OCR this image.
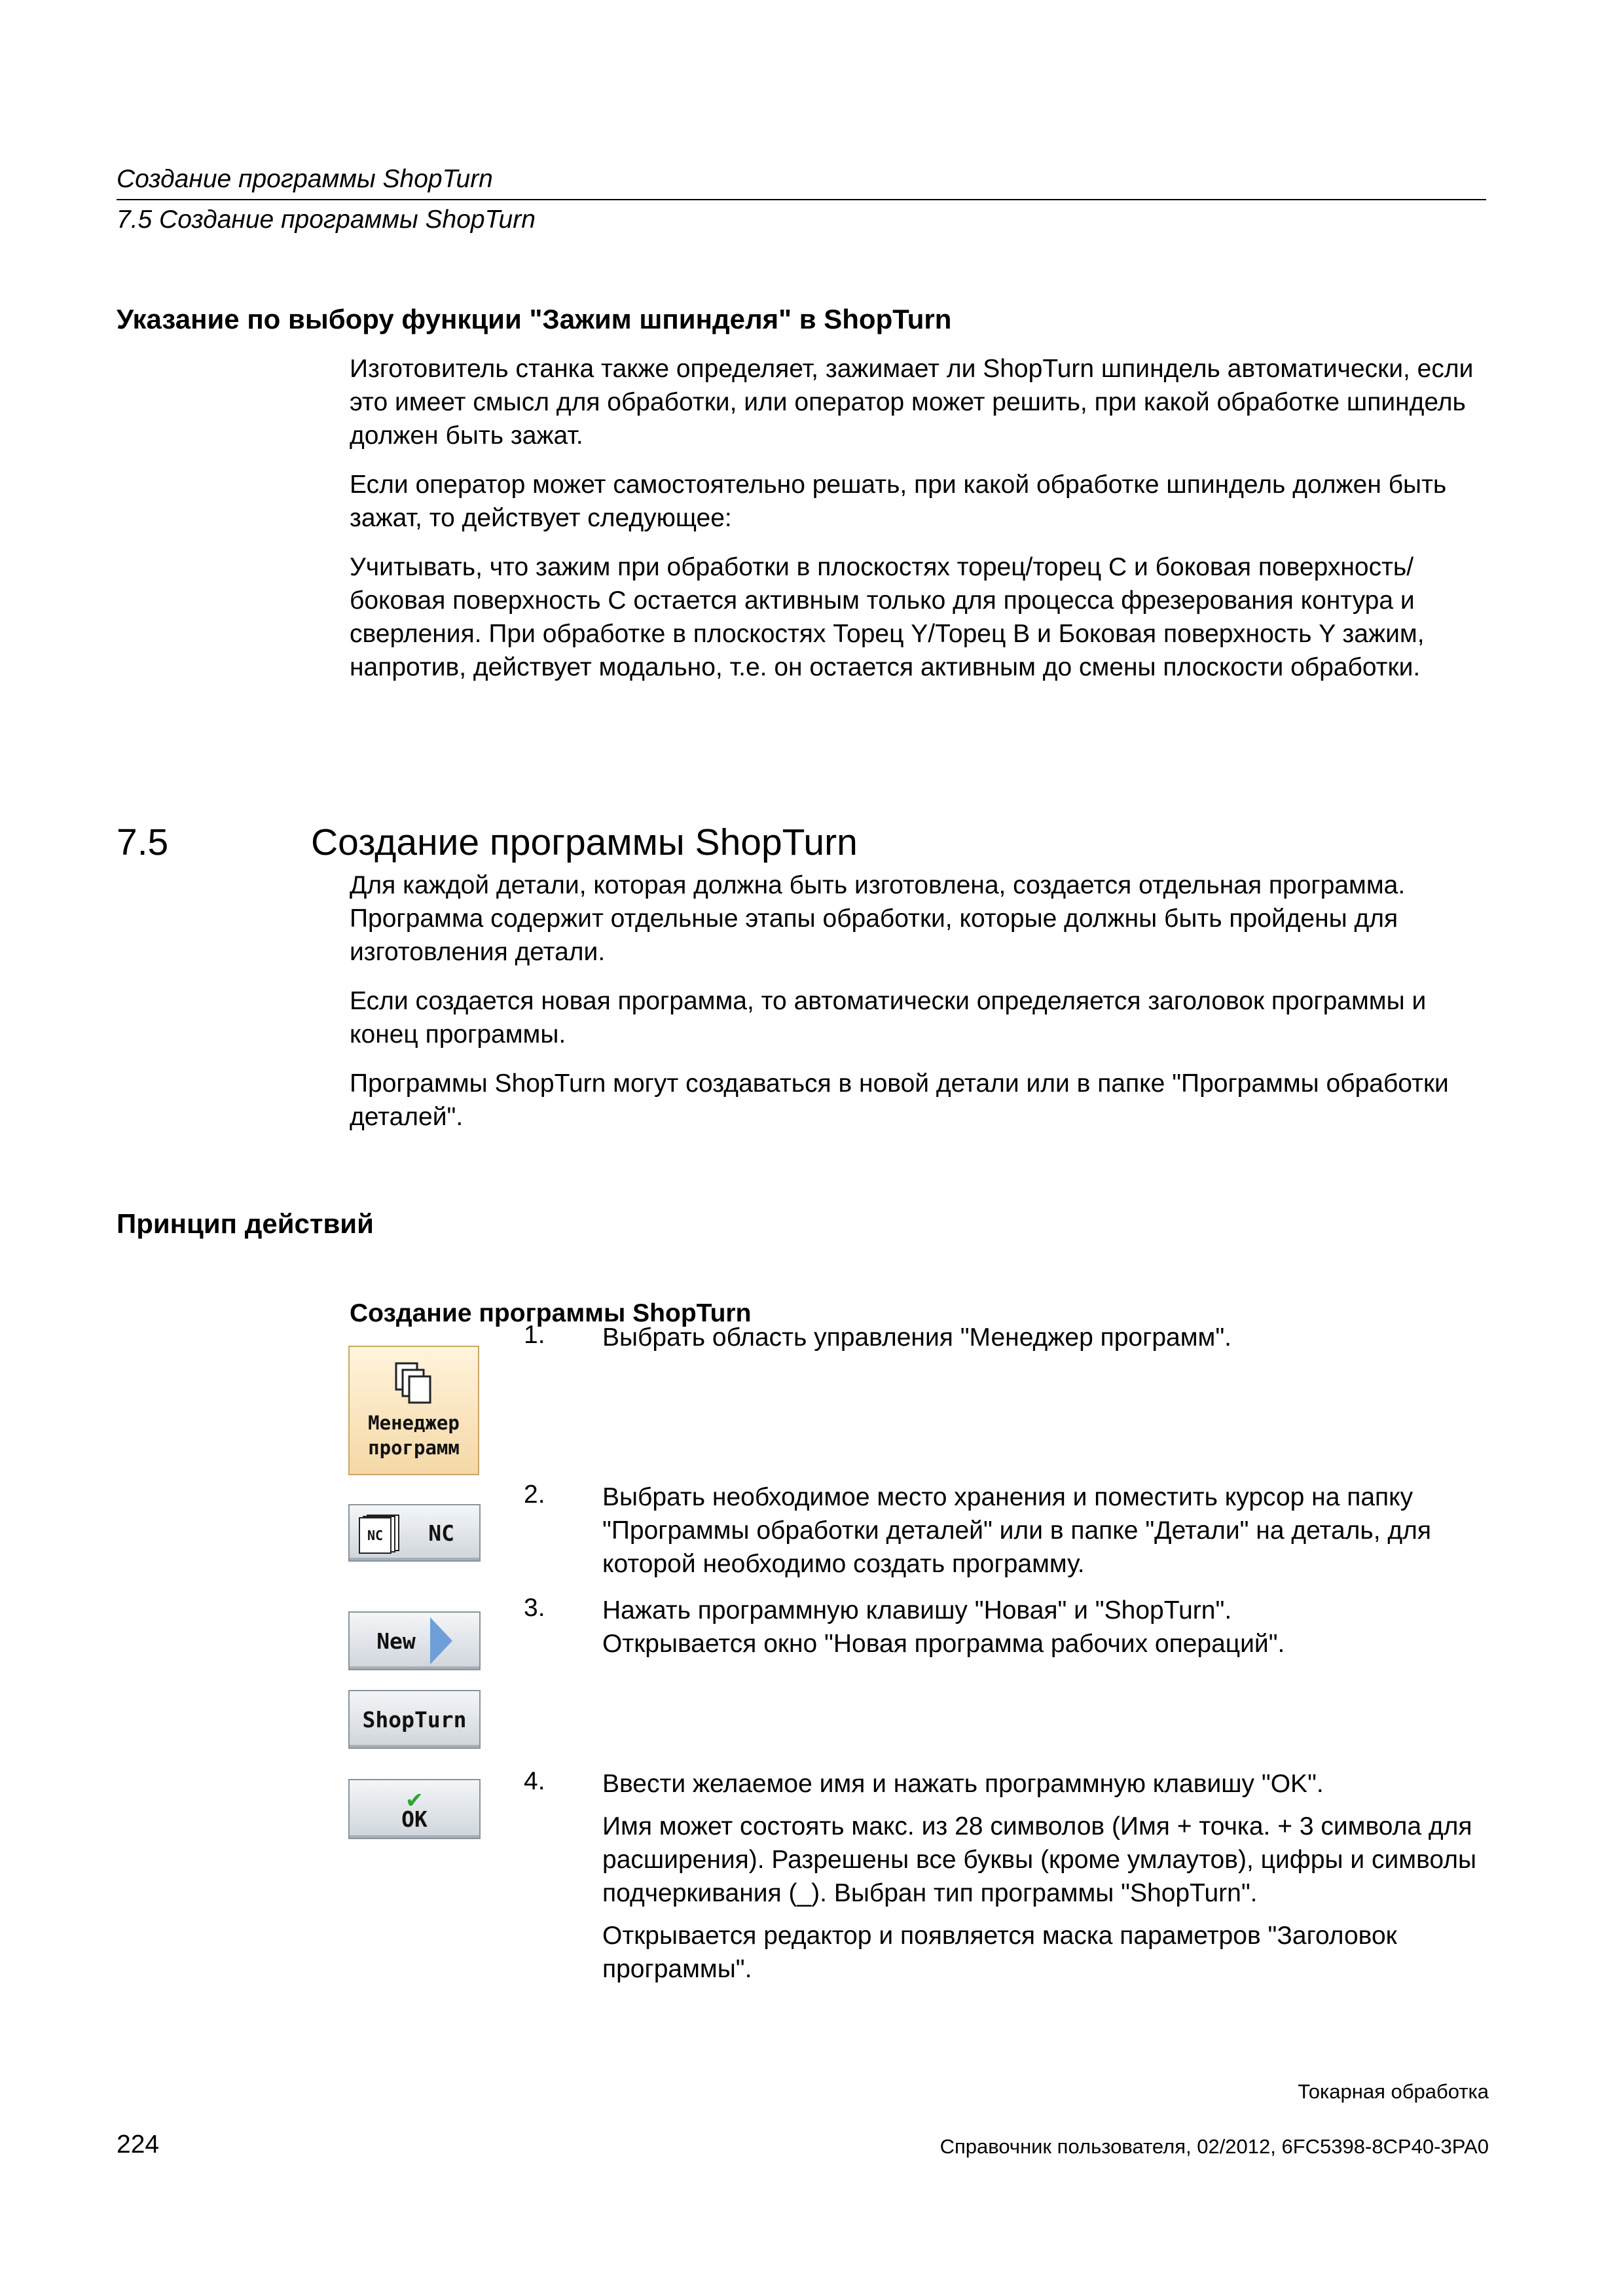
Создание программы ShopTurn
7.5 Создание программы ShopTurn
Указание по выбору функции "Зажим шпинделя" в ShopTurn

Изготовитель станка также определяет, зажимает ли ShopTurn шпиндель автоматически, если это имеет смысл для обработки, или оператор может решить, при какой обработке шпиндель должен быть зажат.

Если оператор может самостоятельно решать, при какой обработке шпиндель должен быть зажат, то действует следующее:

Учитывать, что зажим при обработки в плоскостях торец/торец C и боковая поверхность/боковая поверхность C остается активным только для процесса фрезерования контура и сверления. При обработке в плоскостях Торец Y/Торец B и Боковая поверхность Y зажим, напротив, действует модально, т.е. он остается активным до смены плоскости обработки.

7.5	Создание программы ShopTurn

Для каждой детали, которая должна быть изготовлена, создается отдельная программа. Программа содержит отдельные этапы обработки, которые должны быть пройдены для изготовления детали.

Если создается новая программа, то автоматически определяется заголовок программы и конец программы.

Программы ShopTurn могут создаваться в новой детали или в папке "Программы обработки деталей".

Принцип действий
Создание программы ShopTurn
Менеджер
программ
NC	NC
New
ShopTurn
✔
OK
1. Выбрать область управления "Менеджер программ".

2. Выбрать необходимое место хранения и поместить курсор на папку "Программы обработки деталей" или в папке "Детали" на деталь, для которой необходимо создать программу.

3. Нажать программную клавишу "Новая" и "ShopTurn".

Открывается окно "Новая программа рабочих операций".

4. Ввести желаемое имя и нажать программную клавишу "OK".

Имя может состоять макс. из 28 символов (Имя + точка. + 3 символа для расширения). Разрешены все буквы (кроме умлаутов), цифры и символы подчеркивания (_). Выбран тип программы "ShopTurn".

Открывается редактор и появляется маска параметров "Заголовок программы".

Токарная обработка
224	Справочник пользователя, 02/2012, 6FC5398-8CP40-3PA0
